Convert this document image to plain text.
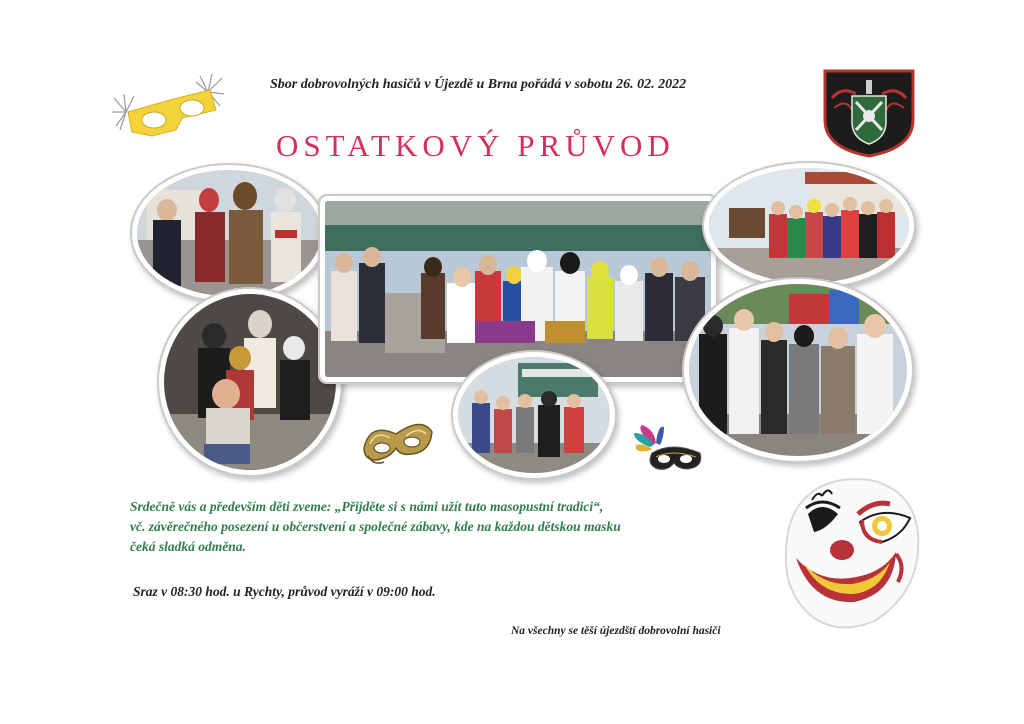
Sbor dobrovolných hasičů v Újezdě u Brna pořádá v sobotu 26. 02. 2022
OSTATKOVÝ PRŮVOD
Srdečně vás a především děti zveme: „Přijděte si s námi užít tuto masopustní tradici“,
vč. závěrečného posezení u občerstvení a společné zábavy, kde na každou dětskou masku
čeká sladká odměna.
Sraz v 08:30 hod. u Rychty, průvod vyráží v 09:00 hod.
Na všechny se těší újezdští dobrovolní hasiči
